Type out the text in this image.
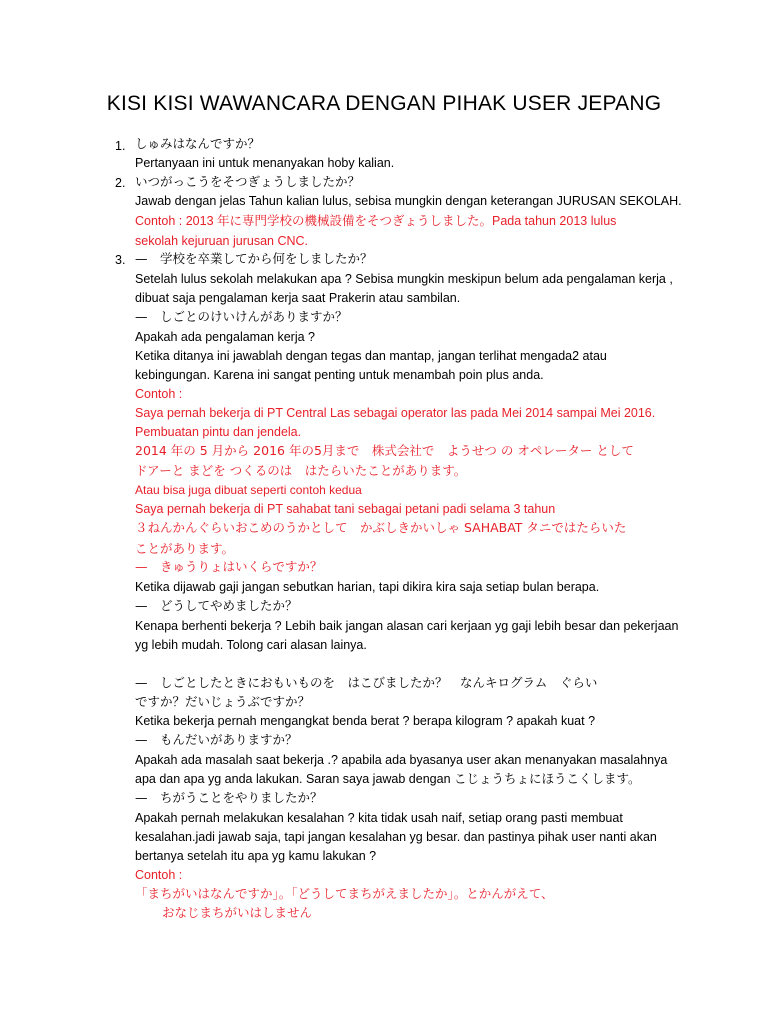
KISI KISI WAWANCARA DENGAN PIHAK USER JEPANG
1.
2.
3.
しゅみはなんですか？
Pertanyaan ini untuk menanyakan hoby kalian.
いつがっこうをそつぎょうしましたか？
Jawab dengan jelas Tahun kalian lulus, sebisa mungkin dengan keterangan JURUSAN SEKOLAH.
Contoh : 2013 年に専門学校の機械設備をそつぎょうしました。Pada tahun 2013 lulus
sekolah kejuruan jurusan CNC.
—　学校を卒業してから何をしましたか？
Setelah lulus sekolah melakukan apa ? Sebisa mungkin meskipun belum ada pengalaman kerja ,
dibuat saja pengalaman kerja saat Prakerin atau sambilan.
—　しごとのけいけんがありますか？
Apakah ada pengalaman kerja ?
Ketika ditanya ini jawablah dengan tegas dan mantap, jangan terlihat mengada2 atau
kebingungan. Karena ini sangat penting untuk menambah poin plus anda.
Contoh :
Saya pernah bekerja di PT Central Las sebagai operator las pada Mei 2014 sampai Mei 2016.
Pembuatan pintu dan jendela.
2014 年の 5 月から 2016 年の5月まで　株式会社で　ようせつ の オペレーター として
ドアーと まどを つくるのは　はたらいたことがあります。
Atau bisa juga dibuat seperti contoh kedua
Saya pernah bekerja di PT sahabat tani sebagai petani padi selama 3 tahun
３ねんかんぐらいおこめのうかとして　かぶしきかいしゃ SAHABAT タニではたらいた
ことがあります。
—　きゅうりょはいくらですか？
Ketika dijawab gaji jangan sebutkan harian, tapi dikira kira saja setiap bulan berapa.
—　どうしてやめましたか？
Kenapa berhenti bekerja ? Lebih baik jangan alasan cari kerjaan yg gaji lebih besar dan pekerjaan
yg lebih mudah. Tolong cari alasan lainya.
—　しごとしたときにおもいものを　はこびましたか？　なんキログラム　ぐらい
ですか？だいじょうぶですか？
Ketika bekerja pernah mengangkat benda berat ? berapa kilogram ? apakah kuat ?
—　もんだいがありますか？
Apakah ada masalah saat bekerja .? apabila ada byasanya user akan menanyakan masalahnya
apa dan apa yg anda lakukan. Saran saya jawab dengan こじょうちょにほうこくします。
—　ちがうことをやりましたか？
Apakah pernah melakukan kesalahan ? kita tidak usah naif, setiap orang pasti membuat
kesalahan.jadi jawab saja, tapi jangan kesalahan yg besar. dan pastinya pihak user nanti akan
bertanya setelah itu apa yg kamu lakukan ?
Contoh :
「まちがいはなんですか」。「どうしてまちがえましたか」。とかんがえて、
おなじまちがいはしません
